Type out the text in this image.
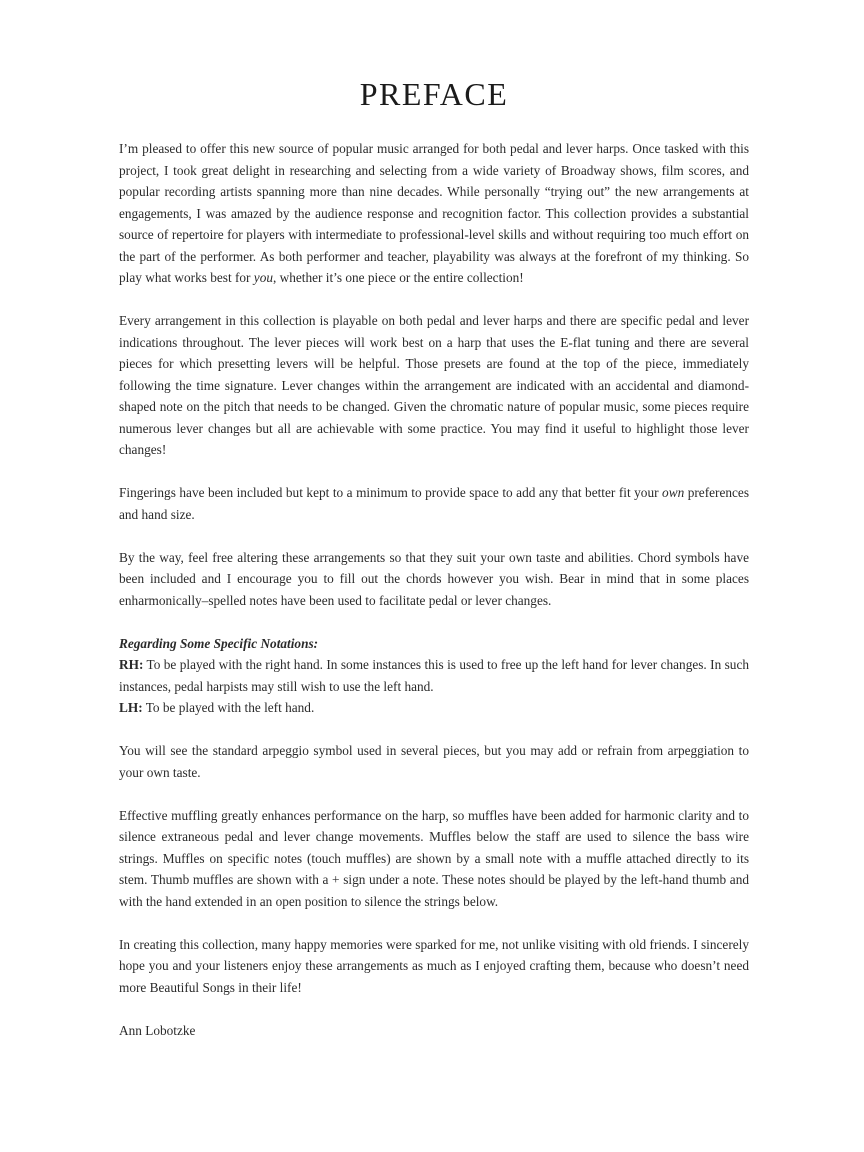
PREFACE

I’m pleased to offer this new source of popular music arranged for both pedal and lever harps. Once tasked with this project, I took great delight in researching and selecting from a wide variety of Broadway shows, film scores, and popular recording artists spanning more than nine decades. While personally “trying out” the new arrangements at engagements, I was amazed by the audience response and recognition factor. This collection provides a substantial source of repertoire for players with intermediate to professional-level skills and without requiring too much effort on the part of the performer. As both performer and teacher, playability was always at the forefront of my thinking. So play what works best for you, whether it’s one piece or the entire collection!

Every arrangement in this collection is playable on both pedal and lever harps and there are specific pedal and lever indications throughout. The lever pieces will work best on a harp that uses the E-flat tuning and there are several pieces for which presetting levers will be helpful. Those presets are found at the top of the piece, immediately following the time signature. Lever changes within the arrangement are indicated with an accidental and diamond-shaped note on the pitch that needs to be changed. Given the chromatic nature of popular music, some pieces require numerous lever changes but all are achievable with some practice. You may find it useful to highlight those lever changes!

Fingerings have been included but kept to a minimum to provide space to add any that better fit your own preferences and hand size.

By the way, feel free altering these arrangements so that they suit your own taste and abilities. Chord symbols have been included and I encourage you to fill out the chords however you wish. Bear in mind that in some places enharmonically–spelled notes have been used to facilitate pedal or lever changes.

Regarding Some Specific Notations:

RH: To be played with the right hand. In some instances this is used to free up the left hand for lever changes. In such instances, pedal harpists may still wish to use the left hand.

LH: To be played with the left hand.

You will see the standard arpeggio symbol used in several pieces, but you may add or refrain from arpeggiation to your own taste.

Effective muffling greatly enhances performance on the harp, so muffles have been added for harmonic clarity and to silence extraneous pedal and lever change movements. Muffles below the staff are used to silence the bass wire strings. Muffles on specific notes (touch muffles) are shown by a small note with a muffle attached directly to its stem. Thumb muffles are shown with a + sign under a note. These notes should be played by the left-hand thumb and with the hand extended in an open position to silence the strings below.

In creating this collection, many happy memories were sparked for me, not unlike visiting with old friends. I sincerely hope you and your listeners enjoy these arrangements as much as I enjoyed crafting them, because who doesn’t need more Beautiful Songs in their life!

Ann Lobotzke
